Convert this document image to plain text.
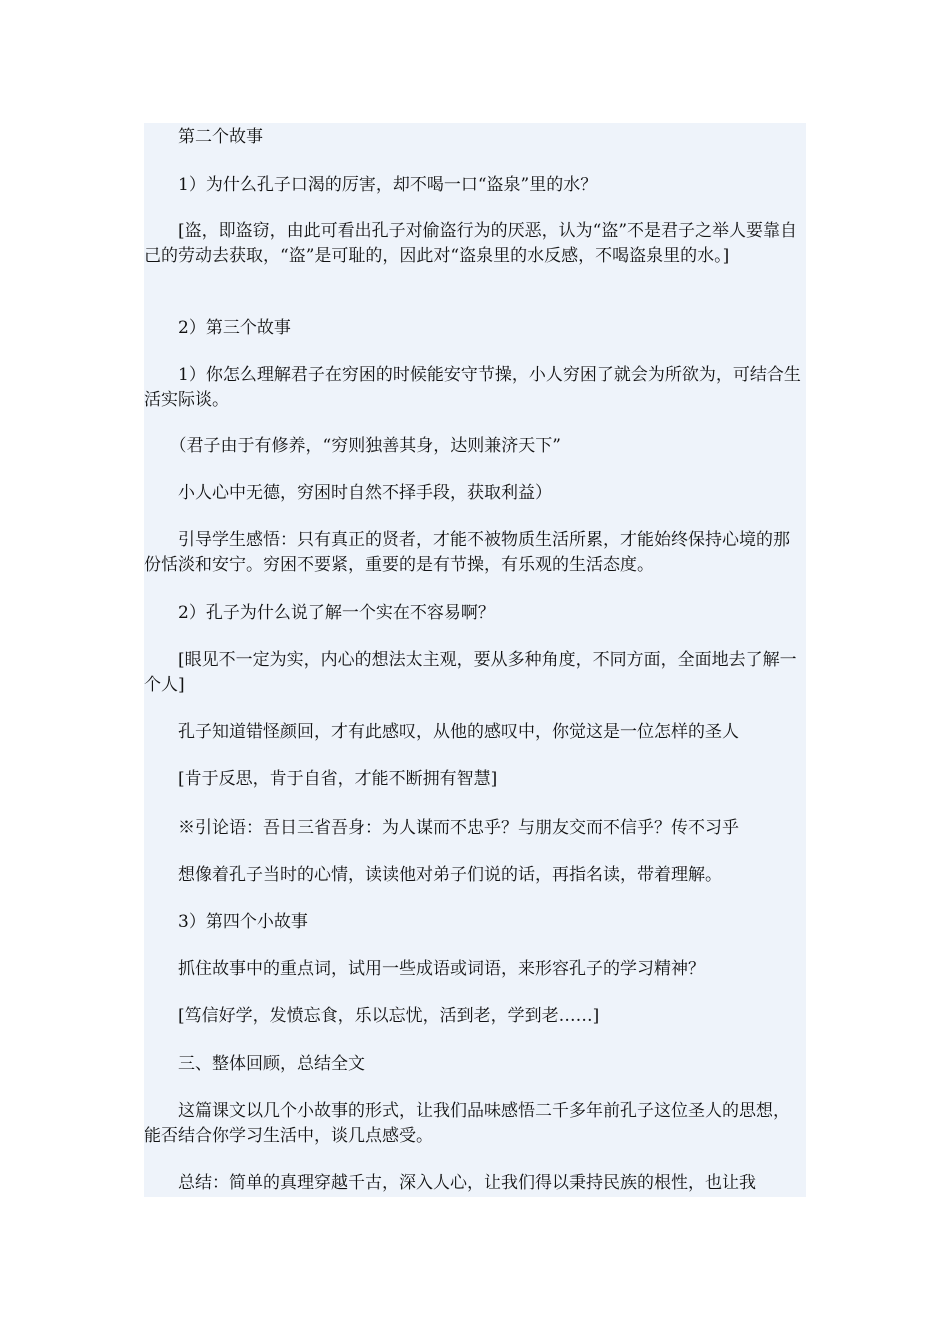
　　第二个故事

　　1）为什么孔子口渴的厉害，却不喝一口“盗泉”里的水？

　　[盗，即盗窃，由此可看出孔子对偷盗行为的厌恶，认为“盗”不是君子之举人要靠自己的劳动去获取，“盗”是可耻的，因此对“盗泉里的水反感，不喝盗泉里的水。]

　　2）第三个故事

　　1）你怎么理解君子在穷困的时候能安守节操，小人穷困了就会为所欲为，可结合生活实际谈。

　　（君子由于有修养，“穷则独善其身，达则兼济天下”

　　小人心中无德，穷困时自然不择手段，获取利益）

　　引导学生感悟：只有真正的贤者，才能不被物质生活所累，才能始终保持心境的那份恬淡和安宁。穷困不要紧，重要的是有节操，有乐观的生活态度。

　　2）孔子为什么说了解一个实在不容易啊？

　　[眼见不一定为实，内心的想法太主观，要从多种角度，不同方面，全面地去了解一个人]

　　孔子知道错怪颜回，才有此感叹，从他的感叹中，你觉这是一位怎样的圣人

　　[肯于反思，肯于自省，才能不断拥有智慧]

　　※引论语：吾日三省吾身：为人谋而不忠乎？与朋友交而不信乎？传不习乎

　　想像着孔子当时的心情，读读他对弟子们说的话，再指名读，带着理解。

　　3）第四个小故事

　　抓住故事中的重点词，试用一些成语或词语，来形容孔子的学习精神？

　　[笃信好学，发愤忘食，乐以忘忧，活到老，学到老……]

　　三、整体回顾，总结全文

　　这篇课文以几个小故事的形式，让我们品味感悟二千多年前孔子这位圣人的思想，能否结合你学习生活中，谈几点感受。

　　总结：简单的真理穿越千古，深入人心，让我们得以秉持民族的根性，也让我
